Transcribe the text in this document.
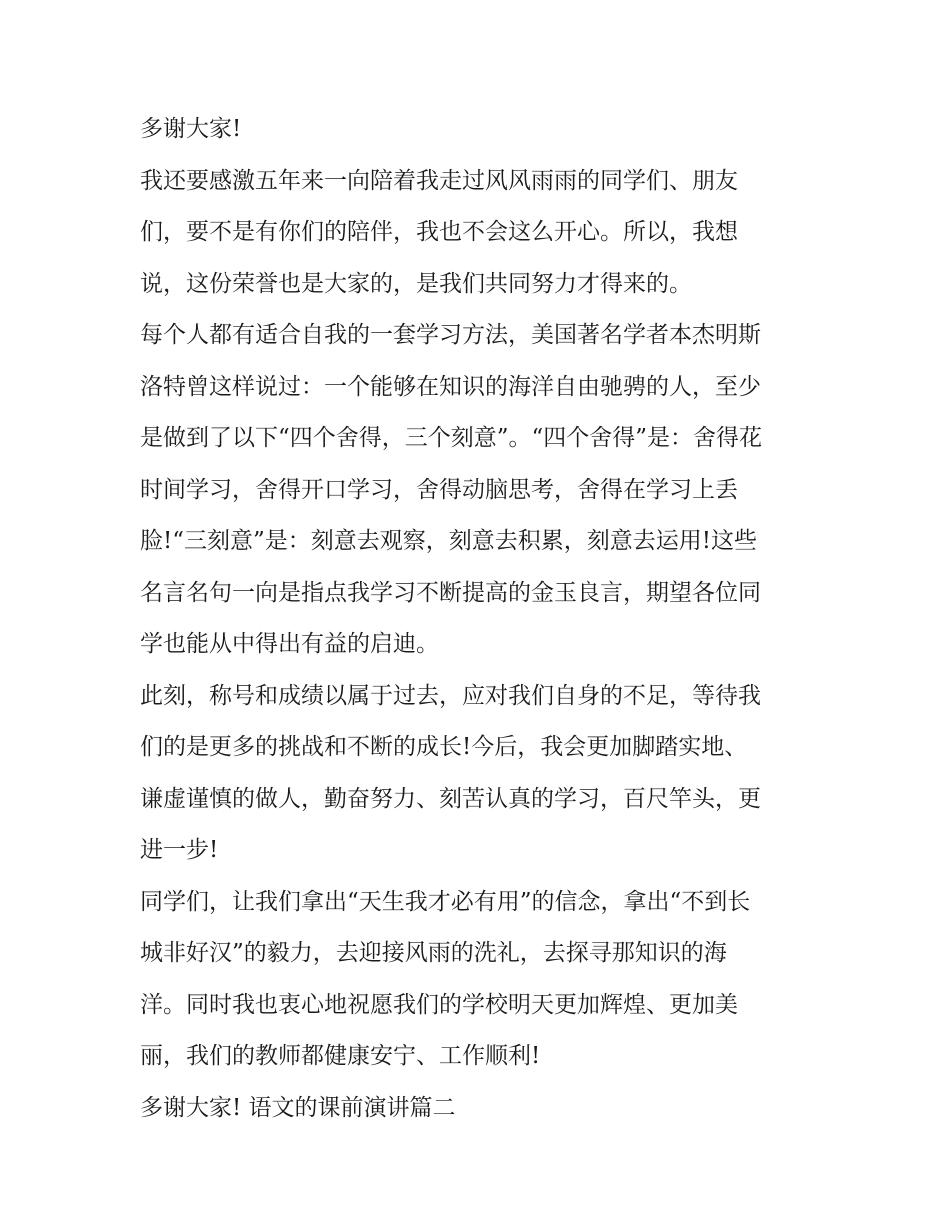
多谢大家!
我还要感激五年来一向陪着我走过风风雨雨的同学们、朋友
们，要不是有你们的陪伴，我也不会这么开心。所以，我想
说，这份荣誉也是大家的，是我们共同努力才得来的。
每个人都有适合自我的一套学习方法，美国著名学者本杰明斯
洛特曾这样说过：一个能够在知识的海洋自由驰骋的人，至少
是做到了以下“四个舍得，三个刻意”。“四个舍得”是：舍得花
时间学习，舍得开口学习，舍得动脑思考，舍得在学习上丢
脸!“三刻意”是：刻意去观察，刻意去积累，刻意去运用!这些
名言名句一向是指点我学习不断提高的金玉良言，期望各位同
学也能从中得出有益的启迪。
此刻，称号和成绩以属于过去，应对我们自身的不足，等待我
们的是更多的挑战和不断的成长!今后，我会更加脚踏实地、
谦虚谨慎的做人，勤奋努力、刻苦认真的学习，百尺竿头，更
进一步!
同学们，让我们拿出“天生我才必有用”的信念，拿出“不到长
城非好汉”的毅力，去迎接风雨的洗礼，去探寻那知识的海
洋。同时我也衷心地祝愿我们的学校明天更加辉煌、更加美
丽，我们的教师都健康安宁、工作顺利!
多谢大家! 语文的课前演讲篇二
